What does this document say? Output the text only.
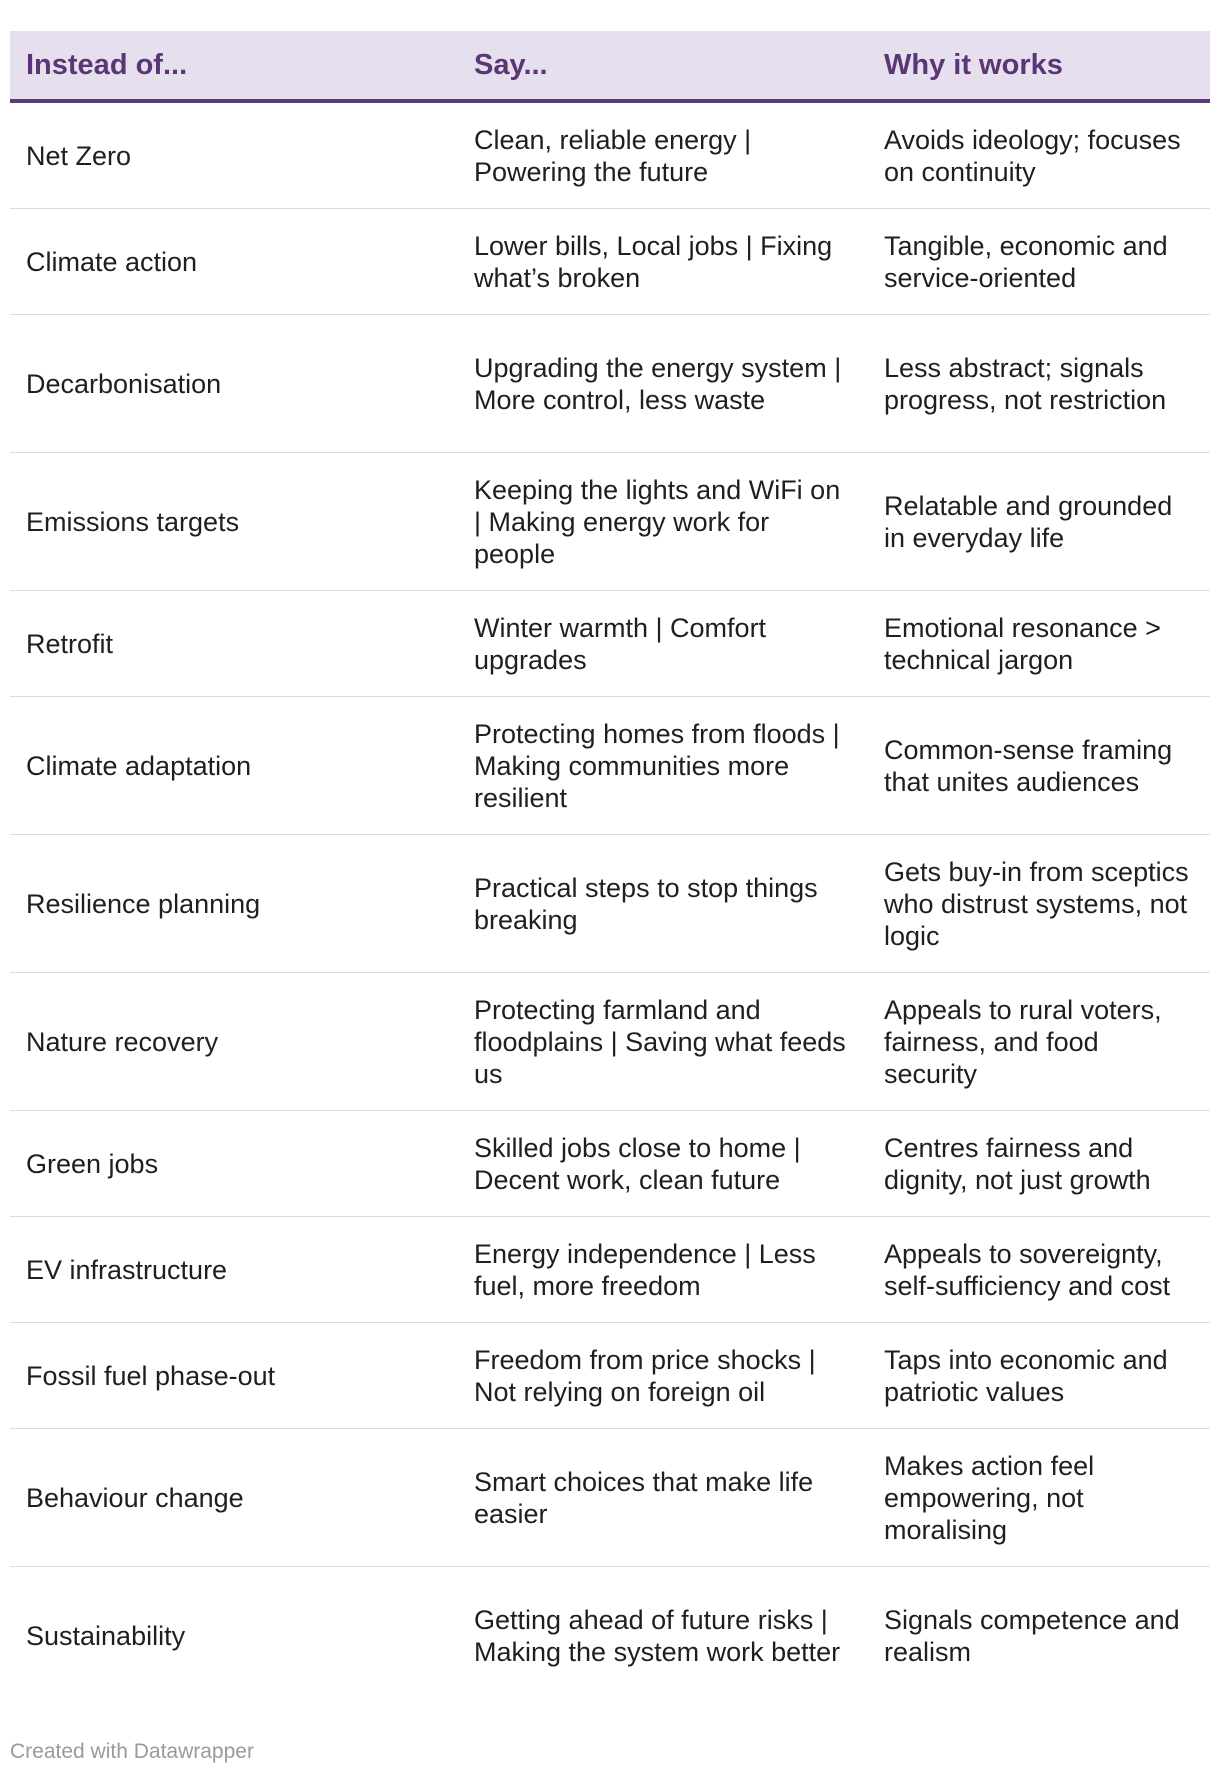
Instead of...	Say...	Why it works
Net Zero	Clean, reliable energy | Powering the future	Avoids ideology; focuses on continuity
Climate action	Lower bills, Local jobs | Fixing what’s broken	Tangible, economic and service-oriented
Decarbonisation	Upgrading the energy system | More control, less waste	Less abstract; signals progress, not restriction
Emissions targets	Keeping the lights and WiFi on | Making energy work for people	Relatable and grounded in everyday life
Retrofit	Winter warmth | Comfort upgrades	Emotional resonance > technical jargon
Climate adaptation	Protecting homes from floods | Making communities more resilient	Common-sense framing that unites audiences
Resilience planning	Practical steps to stop things breaking	Gets buy-in from sceptics who distrust systems, not logic
Nature recovery	Protecting farmland and floodplains | Saving what feeds us	Appeals to rural voters, fairness, and food security
Green jobs	Skilled jobs close to home | Decent work, clean future	Centres fairness and dignity, not just growth
EV infrastructure	Energy independence | Less fuel, more freedom	Appeals to sovereignty, self-sufficiency and cost
Fossil fuel phase-out	Freedom from price shocks | Not relying on foreign oil	Taps into economic and patriotic values
Behaviour change	Smart choices that make life easier	Makes action feel empowering, not moralising
Sustainability	Getting ahead of future risks | Making the system work better	Signals competence and realism
Created with Datawrapper
